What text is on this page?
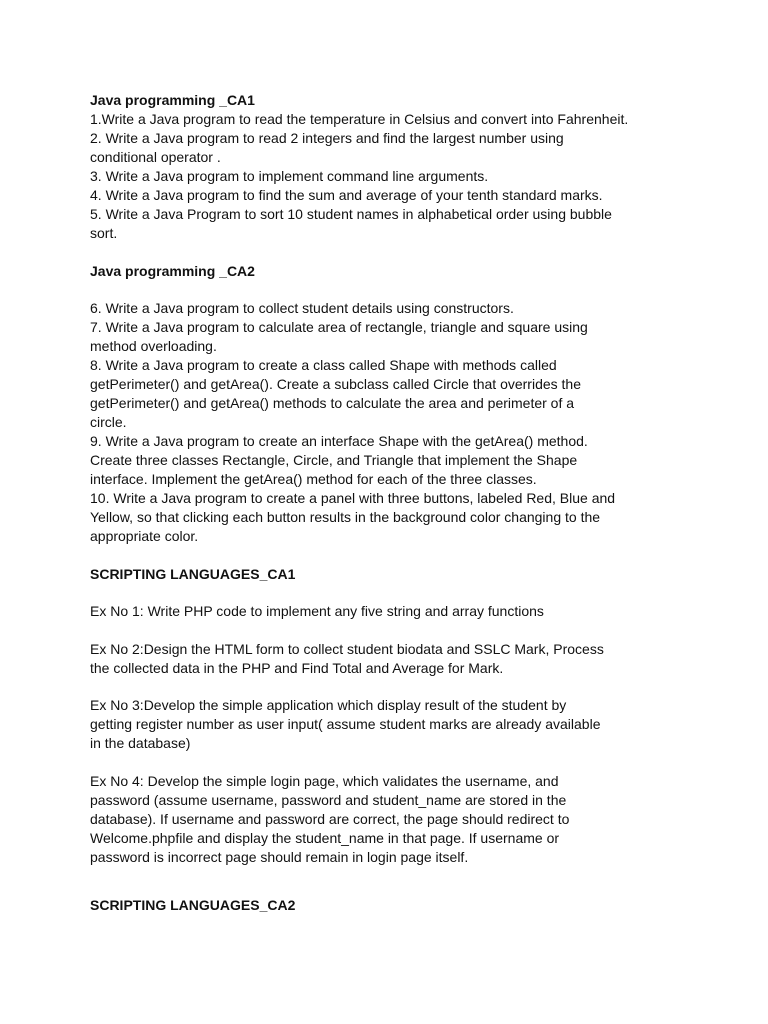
Java programming _CA1

1.Write a Java program to read the temperature in Celsius and convert into Fahrenheit.

2. Write a Java program to read 2 integers and find the largest number using

conditional operator .

3. Write a Java program to implement command line arguments.

4. Write a Java program to find the sum and average of your tenth standard marks.

5. Write a Java Program to sort 10 student names in alphabetical order using bubble

sort.

Java programming _CA2

6. Write a Java program to collect student details using constructors.

7. Write a Java program to calculate area of rectangle, triangle and square using

method overloading.

8. Write a Java program to create a class called Shape with methods called

getPerimeter() and getArea(). Create a subclass called Circle that overrides the

getPerimeter() and getArea() methods to calculate the area and perimeter of a

circle.

9. Write a Java program to create an interface Shape with the getArea() method.

Create three classes Rectangle, Circle, and Triangle that implement the Shape

interface. Implement the getArea() method for each of the three classes.

10. Write a Java program to create a panel with three buttons, labeled Red, Blue and

Yellow, so that clicking each button results in the background color changing to the

appropriate color.

SCRIPTING LANGUAGES_CA1

Ex No 1: Write PHP code to implement any five string and array functions

Ex No 2:Design the HTML form to collect student biodata and SSLC Mark, Process

the collected data in the PHP and Find Total and Average for Mark.

Ex No 3:Develop the simple application which display result of the student by

getting register number as user input( assume student marks are already available

in the database)

Ex No 4: Develop the simple login page, which validates the username, and

password (assume username, password and student_name are stored in the

database). If username and password are correct, the page should redirect to

Welcome.phpfile and display the student_name in that page. If username or

password is incorrect page should remain in login page itself.

SCRIPTING LANGUAGES_CA2
